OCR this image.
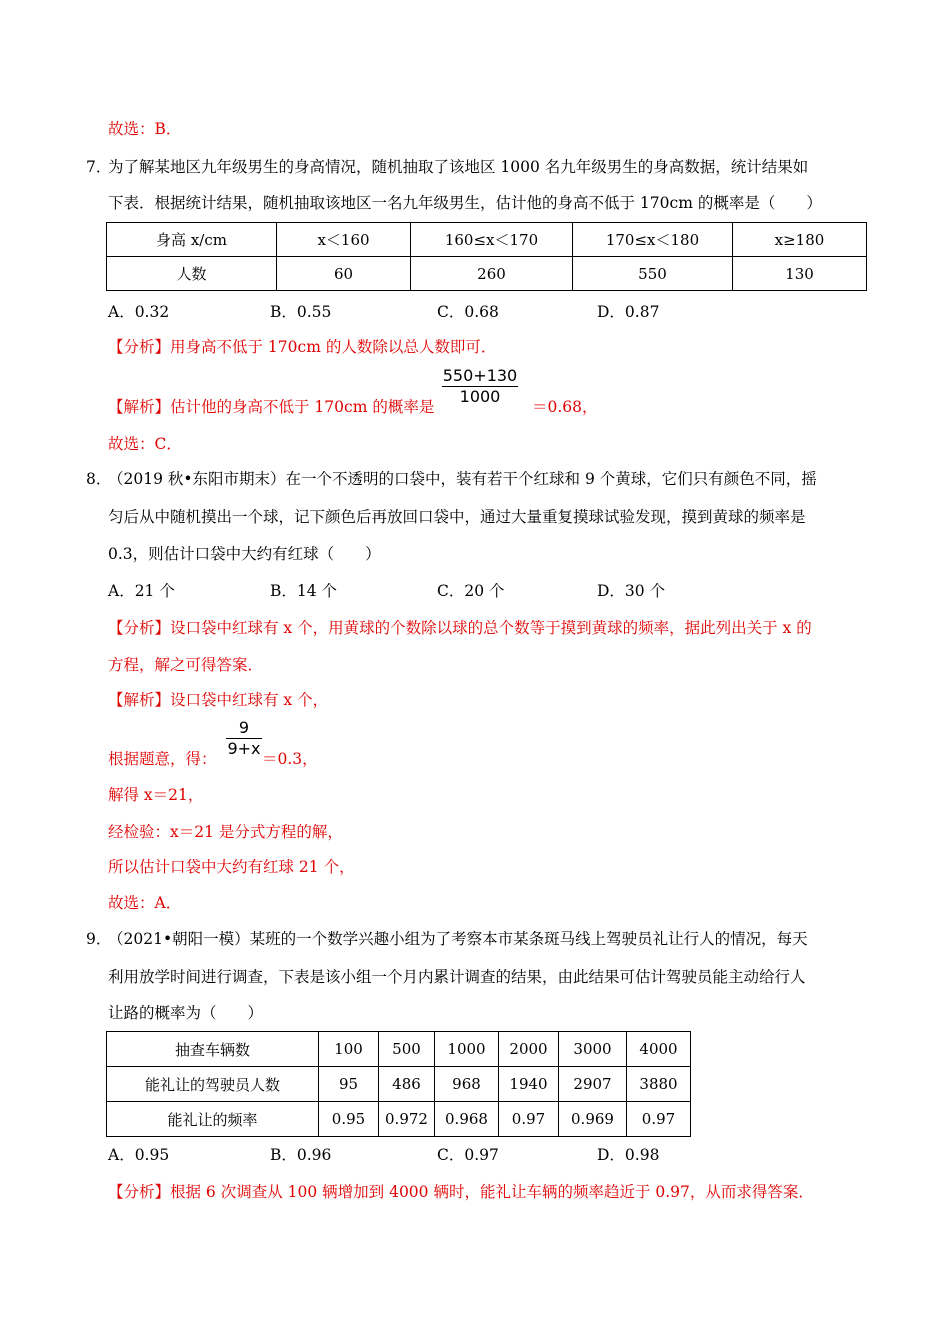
故选：B．
7．
为了解某地区九年级男生的身高情况，随机抽取了该地区 1000 名九年级男生的身高数据，统计结果如
下表．根据统计结果，随机抽取该地区一名九年级男生，估计他的身高不低于 170cm 的概率是（　　）
身高 x/cm	x＜160	160≤x＜170	170≤x＜180	x≥180
人数	60	260	550	130
A．0.32	B．0.55	C．0.68	D．0.87
【分析】用身高不低于 170cm 的人数除以总人数即可．
【解析】估计他的身高不低于 170cm 的概率是
550+130
1000
＝0.68，
故选：C．
8．
（2019 秋•东阳市期末）在一个不透明的口袋中，装有若干个红球和 9 个黄球，它们只有颜色不同，摇
匀后从中随机摸出一个球，记下颜色后再放回口袋中，通过大量重复摸球试验发现，摸到黄球的频率是
0.3，则估计口袋中大约有红球（　　）
A．21 个	B．14 个	C．20 个	D．30 个
【分析】设口袋中红球有 x 个，用黄球的个数除以球的总个数等于摸到黄球的频率，据此列出关于 x 的
方程，解之可得答案．
【解析】设口袋中红球有 x 个，
根据题意，得：
9
9+x
＝0.3，
解得 x＝21，
经检验：x＝21 是分式方程的解，
所以估计口袋中大约有红球 21 个，
故选：A．
9．
（2021•朝阳一模）某班的一个数学兴趣小组为了考察本市某条斑马线上驾驶员礼让行人的情况，每天
利用放学时间进行调查，下表是该小组一个月内累计调查的结果，由此结果可估计驾驶员能主动给行人
让路的概率为（　　）
抽查车辆数	100	500	1000	2000	3000	4000
能礼让的驾驶员人数	95	486	968	1940	2907	3880
能礼让的频率	0.95	0.972	0.968	0.97	0.969	0.97
A．0.95	B．0.96	C．0.97	D．0.98
【分析】根据 6 次调查从 100 辆增加到 4000 辆时，能礼让车辆的频率趋近于 0.97，从而求得答案．
